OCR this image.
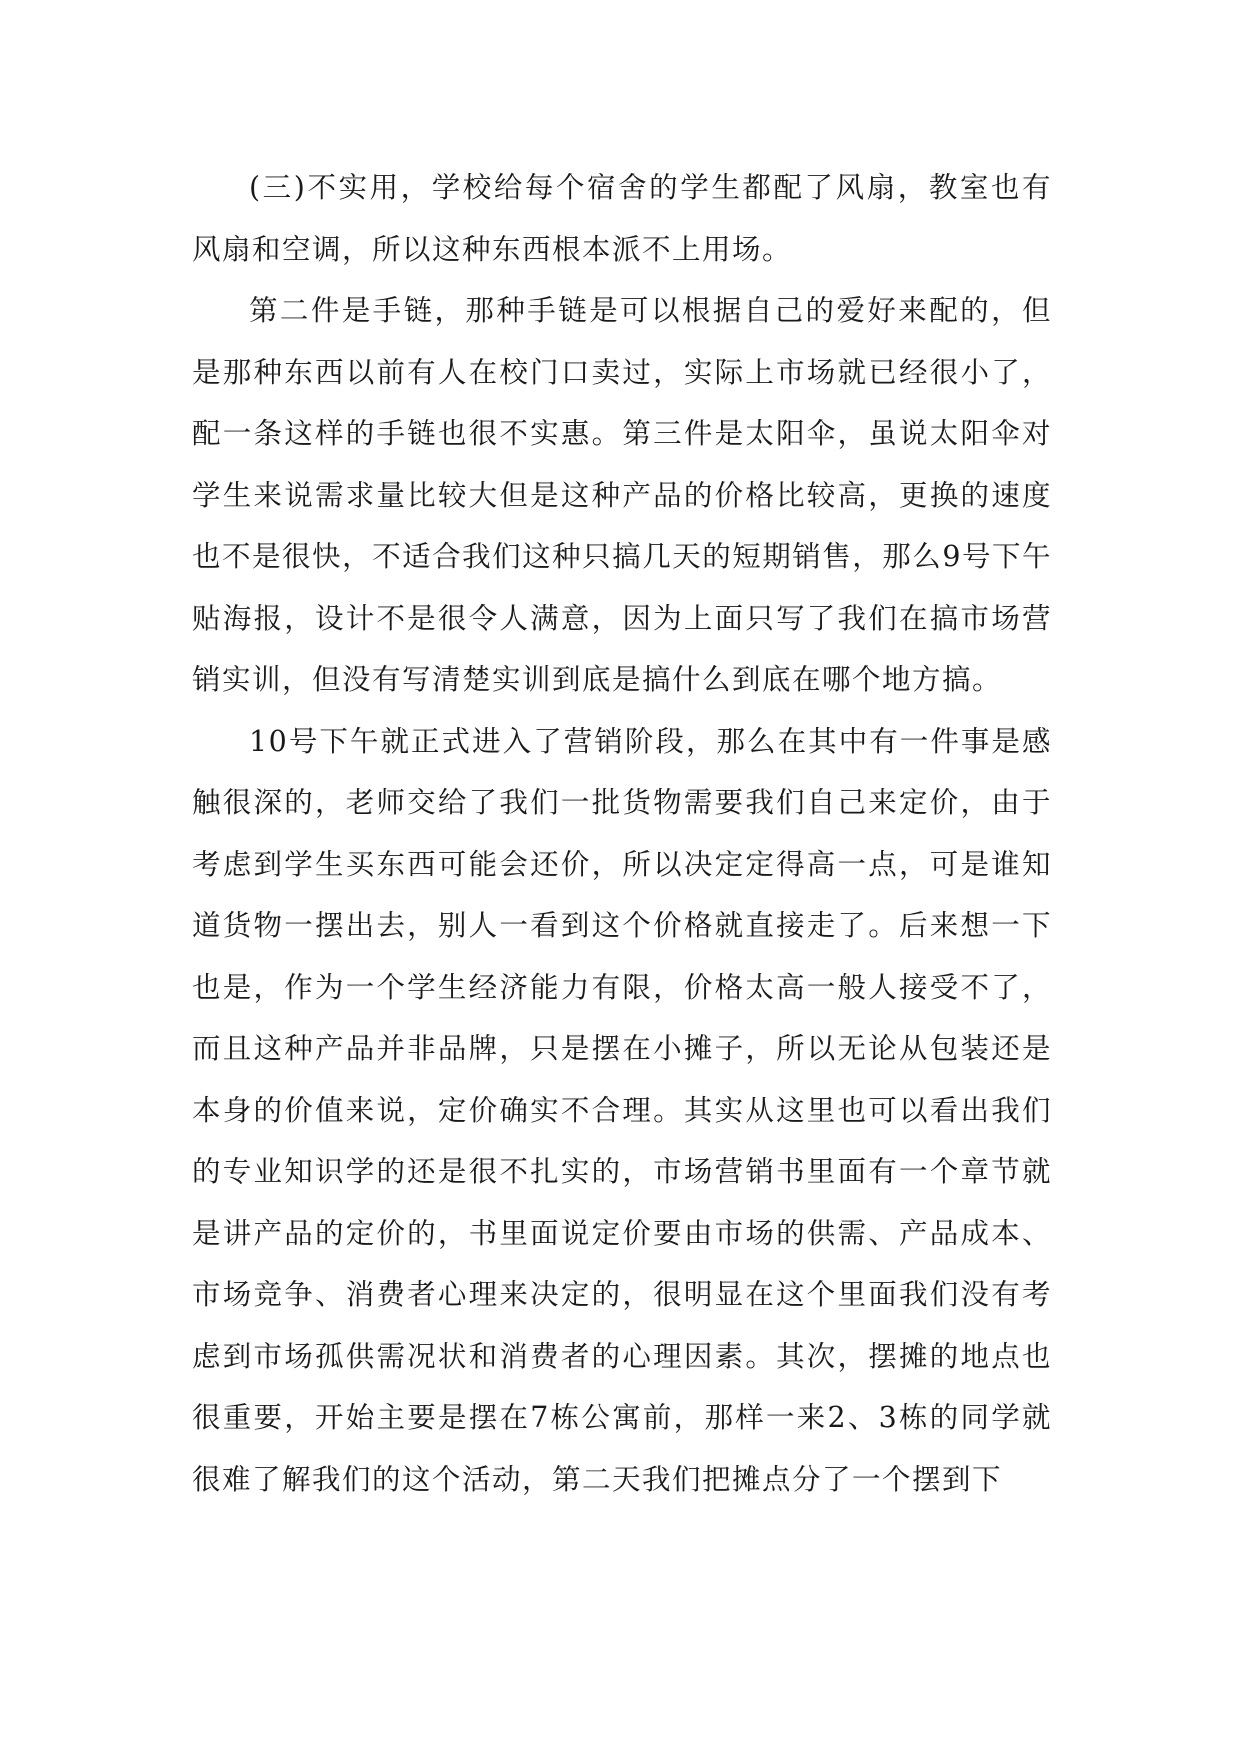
(三)不实用，学校给每个宿舍的学生都配了风扇，教室也有风扇和空调，所以这种东西根本派不上用场。

第二件是手链，那种手链是可以根据自己的爱好来配的，但是那种东西以前有人在校门口卖过，实际上市场就已经很小了，配一条这样的手链也很不实惠。第三件是太阳伞，虽说太阳伞对学生来说需求量比较大但是这种产品的价格比较高，更换的速度也不是很快，不适合我们这种只搞几天的短期销售，那么9号下午贴海报，设计不是很令人满意，因为上面只写了我们在搞市场营销实训，但没有写清楚实训到底是搞什么到底在哪个地方搞。

10号下午就正式进入了营销阶段，那么在其中有一件事是感触很深的，老师交给了我们一批货物需要我们自己来定价，由于考虑到学生买东西可能会还价，所以决定定得高一点，可是谁知道货物一摆出去，别人一看到这个价格就直接走了。后来想一下也是，作为一个学生经济能力有限，价格太高一般人接受不了，而且这种产品并非品牌，只是摆在小摊子，所以无论从包装还是本身的价值来说，定价确实不合理。其实从这里也可以看出我们的专业知识学的还是很不扎实的，市场营销书里面有一个章节就是讲产品的定价的，书里面说定价要由市场的供需、产品成本、市场竞争、消费者心理来决定的，很明显在这个里面我们没有考虑到市场孤供需况状和消费者的心理因素。其次，摆摊的地点也很重要，开始主要是摆在7栋公寓前，那样一来2、3栋的同学就很难了解我们的这个活动，第二天我们把摊点分了一个摆到下
